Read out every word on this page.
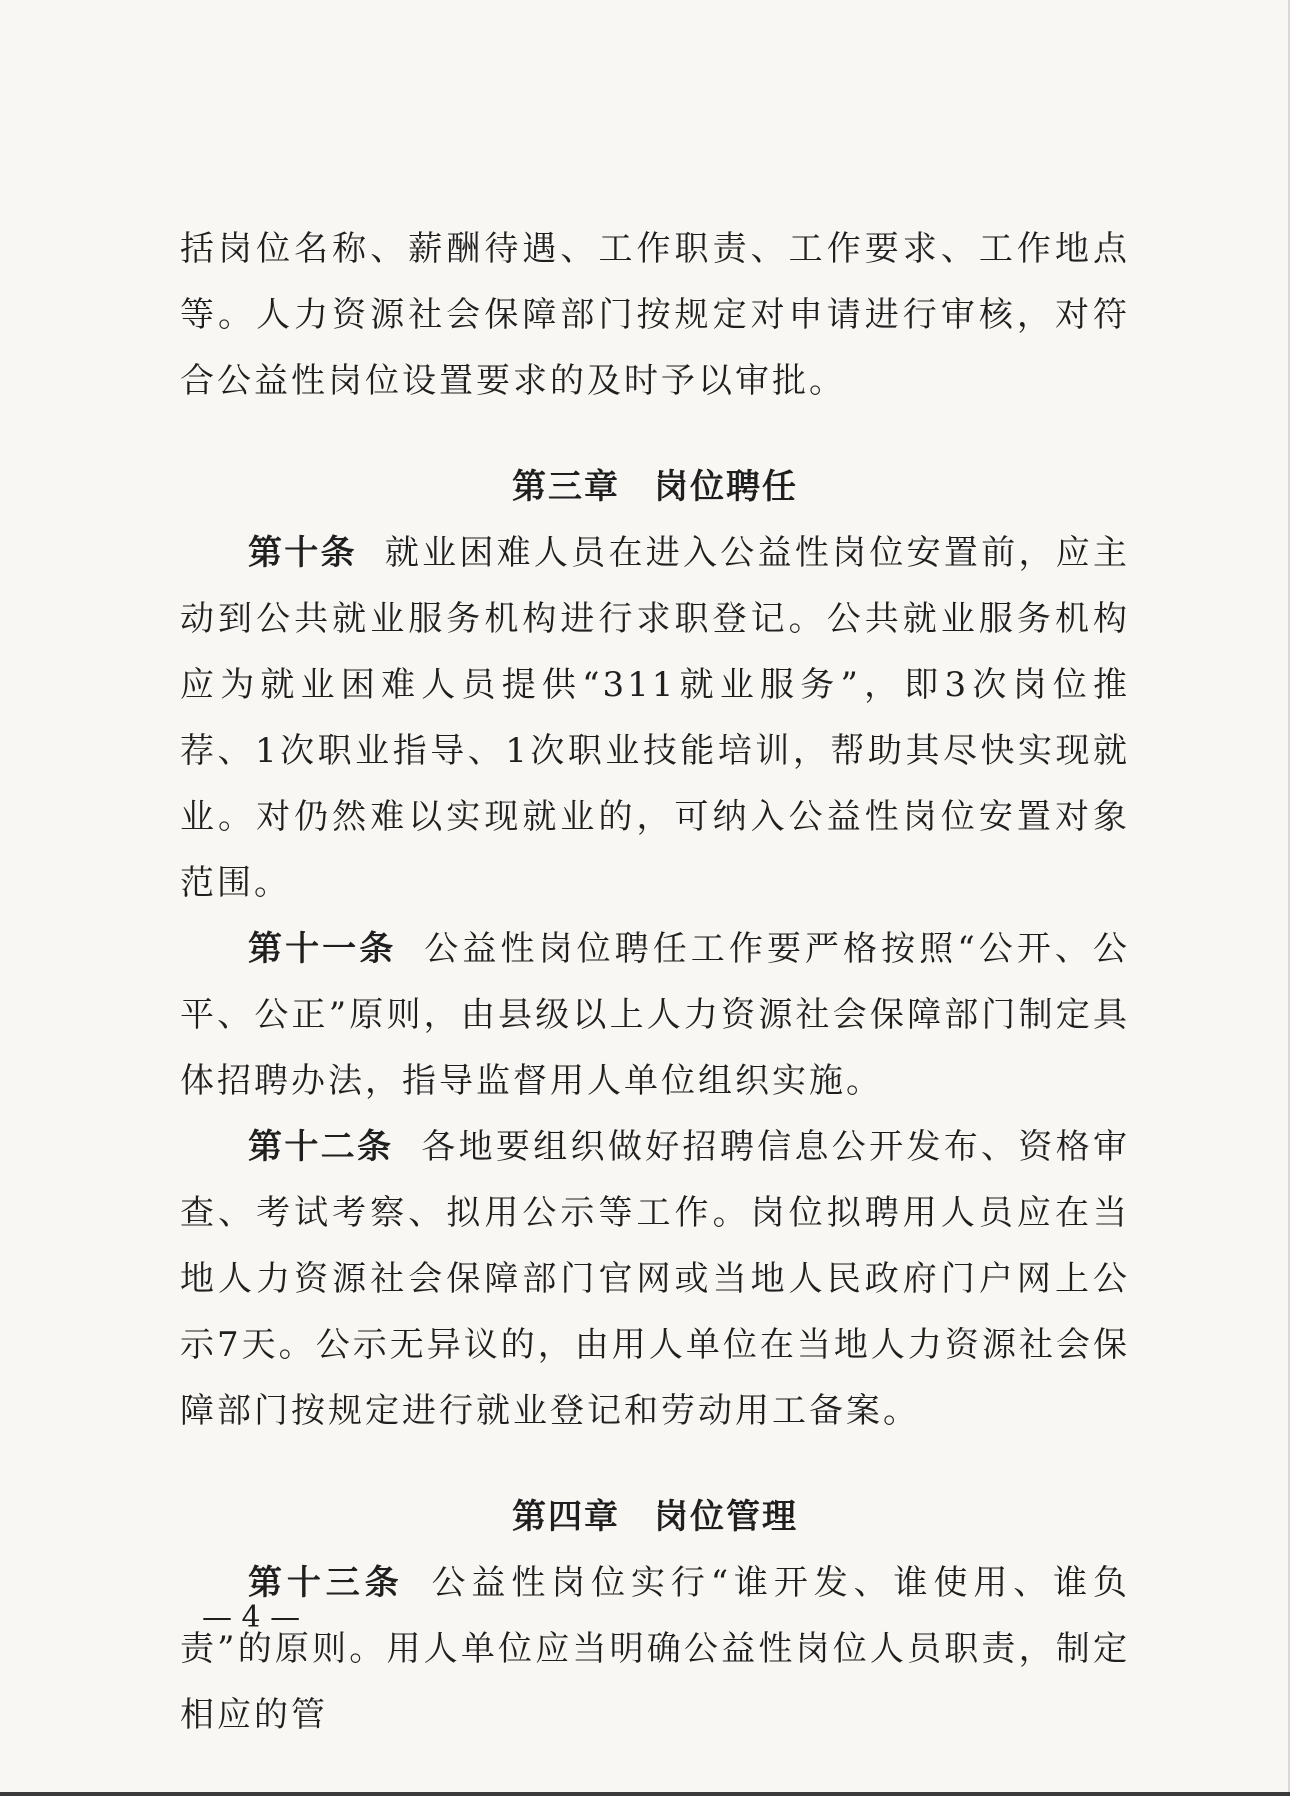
括岗位名称、薪酬待遇、工作职责、工作要求、工作地点等。人力资源社会保障部门按规定对申请进行审核，对符合公益性岗位设置要求的及时予以审批。

第三章 岗位聘任

第十条 就业困难人员在进入公益性岗位安置前，应主动到公共就业服务机构进行求职登记。公共就业服务机构应为就业困难人员提供“311就业服务”，即3次岗位推荐、1次职业指导、1次职业技能培训，帮助其尽快实现就业。对仍然难以实现就业的，可纳入公益性岗位安置对象范围。

第十一条 公益性岗位聘任工作要严格按照“公开、公平、公正”原则，由县级以上人力资源社会保障部门制定具体招聘办法，指导监督用人单位组织实施。

第十二条 各地要组织做好招聘信息公开发布、资格审查、考试考察、拟用公示等工作。岗位拟聘用人员应在当地人力资源社会保障部门官网或当地人民政府门户网上公示7天。公示无异议的，由用人单位在当地人力资源社会保障部门按规定进行就业登记和劳动用工备案。

第四章 岗位管理

第十三条 公益性岗位实行“谁开发、谁使用、谁负责”的原则。用人单位应当明确公益性岗位人员职责，制定相应的管

— 4 —
